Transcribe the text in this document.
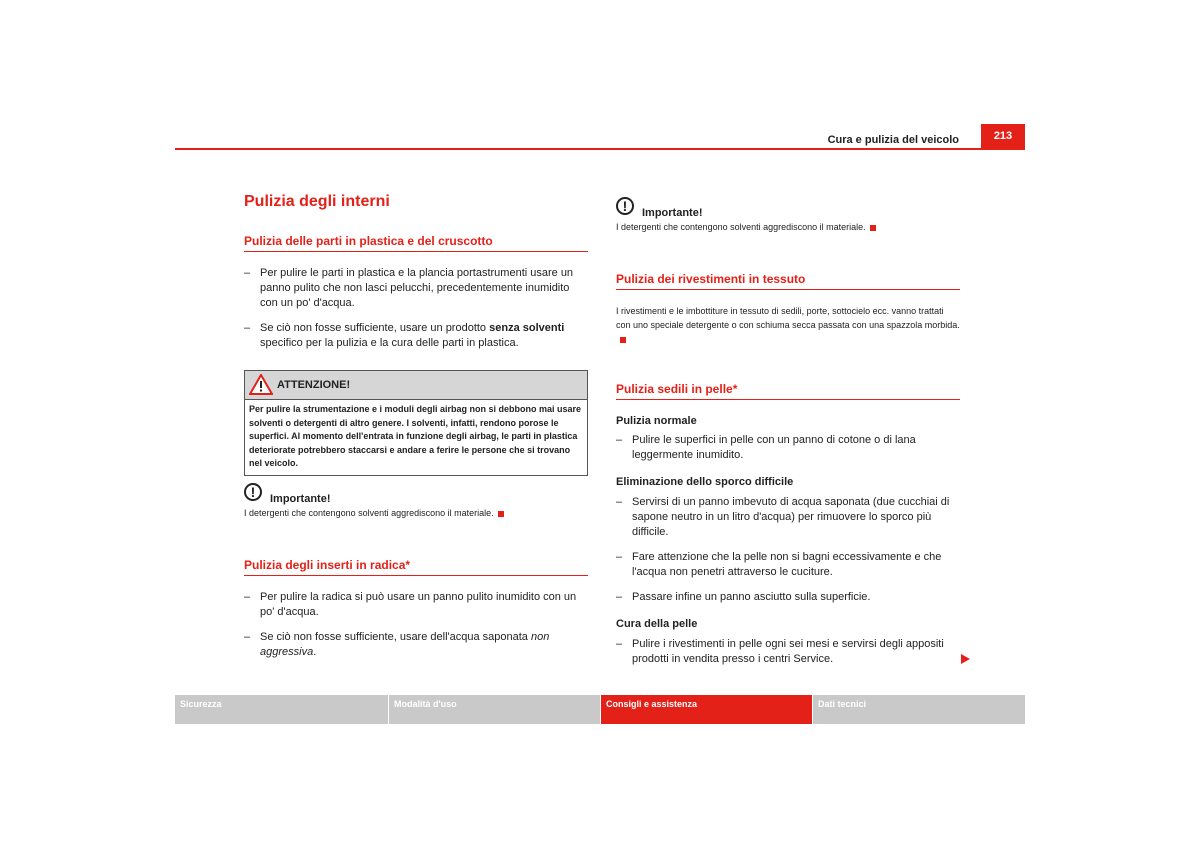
Cura e pulizia del veicolo	213
Pulizia degli interni
Pulizia delle parti in plastica e del cruscotto
– Per pulire le parti in plastica e la plancia portastrumenti usare un panno pulito che non lasci pelucchi, precedentemente inumidito con un po' d'acqua.
– Se ciò non fosse sufficiente, usare un prodotto senza solventi specifico per la pulizia e la cura delle parti in plastica.
ATTENZIONE!
Per pulire la strumentazione e i moduli degli airbag non si debbono mai usare solventi o detergenti di altro genere. I solventi, infatti, rendono porose le superfici. Al momento dell'entrata in funzione degli airbag, le parti in plastica deteriorate potrebbero staccarsi e andare a ferire le persone che si trovano nel veicolo.
!	Importante!
I detergenti che contengono solventi aggrediscono il materiale.
Pulizia degli inserti in radica*
– Per pulire la radica si può usare un panno pulito inumidito con un po' d'acqua.
– Se ciò non fosse sufficiente, usare dell'acqua saponata non aggressiva.
!	Importante!
I detergenti che contengono solventi aggrediscono il materiale.
Pulizia dei rivestimenti in tessuto
I rivestimenti e le imbottiture in tessuto di sedili, porte, sottocielo ecc. vanno trattati con uno speciale detergente o con schiuma secca passata con una spazzola morbida.
Pulizia sedili in pelle*
Pulizia normale
– Pulire le superfici in pelle con un panno di cotone o di lana leggermente inumidito.
Eliminazione dello sporco difficile
– Servirsi di un panno imbevuto di acqua saponata (due cucchiai di sapone neutro in un litro d'acqua) per rimuovere lo sporco più difficile.
– Fare attenzione che la pelle non si bagni eccessivamente e che l'acqua non penetri attraverso le cuciture.
– Passare infine un panno asciutto sulla superficie.
Cura della pelle
– Pulire i rivestimenti in pelle ogni sei mesi e servirsi degli appositi prodotti in vendita presso i centri Service.
Sicurezza	Modalità d'uso	Consigli e assistenza	Dati tecnici
